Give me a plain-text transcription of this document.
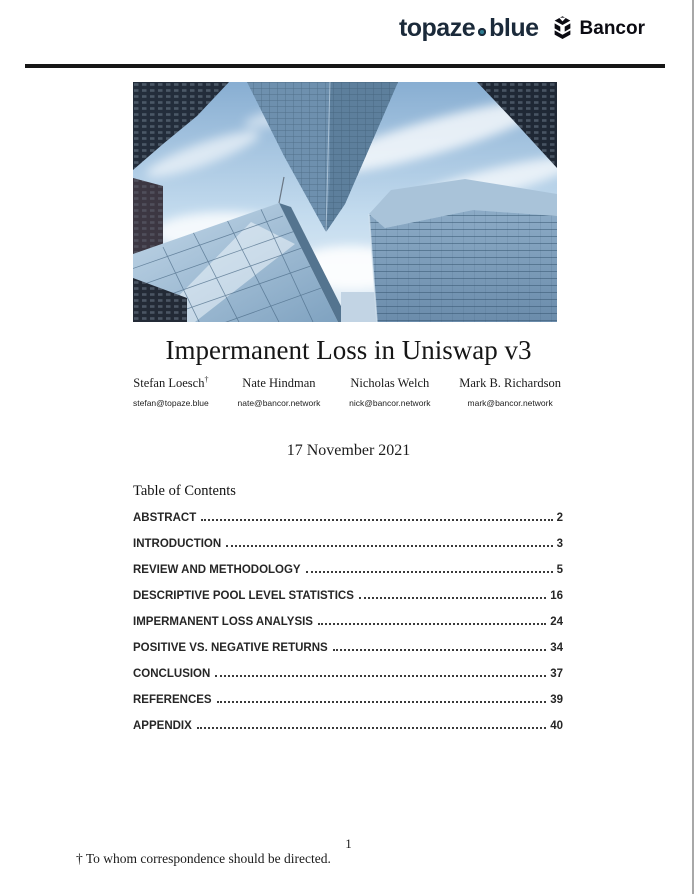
topaze blue Bancor
Impermanent Loss in Uniswap v3
Stefan Loesch†
stefan@topaze.blue
Nate Hindman
nate@bancor.network
Nicholas Welch
nick@bancor.network
Mark B. Richardson
mark@bancor.network
17 November 2021
Table of Contents
ABSTRACT	2
INTRODUCTION	3
REVIEW AND METHODOLOGY	5
DESCRIPTIVE POOL LEVEL STATISTICS	16
IMPERMANENT LOSS ANALYSIS	24
POSITIVE VS. NEGATIVE RETURNS	34
CONCLUSION	37
REFERENCES	39
APPENDIX	40
1
† To whom correspondence should be directed.
